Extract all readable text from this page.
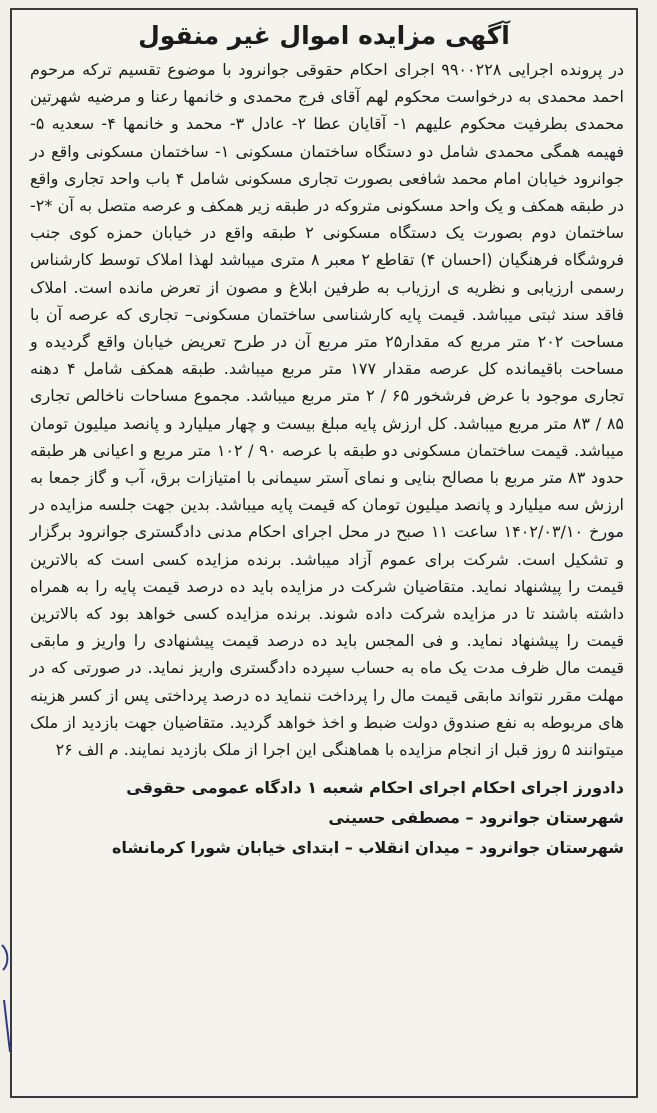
آگهی مزایده اموال غیر منقول

در پرونده اجرایی ۹۹۰۰۲۲۸ اجرای احکام حقوقی جوانرود با موضوع تقسیم ترکه مرحوم احمد محمدی به درخواست محکوم لهم آقای فرج محمدی و خانمها رعنا و مرضیه شهرتین محمدی بطرفیت محکوم علیهم ۱- آقایان عطا ۲- عادل ۳- محمد و خانمها ۴- سعدیه ۵- فهیمه همگی محمدی شامل دو دستگاه ساختمان مسکونی ۱- ساختمان مسکونی واقع در جوانرود خیابان امام محمد شافعی بصورت تجاری مسکونی شامل ۴ باب واحد تجاری واقع در طبقه همکف و یک واحد مسکونی متروکه در طبقه زیر همکف و عرصه متصل به آن *۲- ساختمان دوم بصورت یک دستگاه مسکونی ۲ طبقه واقع در خیابان حمزه کوی جنب فروشگاه فرهنگیان (احسان ۴) تقاطع ۲ معبر ۸ متری میباشد لهذا املاک توسط کارشناس رسمی ارزیابی و نظریه ی ارزیاب به طرفین ابلاغ و مصون از تعرض مانده است. املاک فاقد سند ثبتی میباشد. قیمت پایه کارشناسی ساختمان مسکونی– تجاری که عرصه آن با مساحت ۲۰۲ متر مربع که مقدار۲۵ متر مربع آن در طرح تعریض خیابان واقع گردیده و مساحت باقیمانده کل عرصه مقدار ۱۷۷ متر مربع میباشد. طبقه همکف شامل ۴ دهنه تجاری موجود با عرض فرشخور ۶۵ / ۲ متر مربع میباشد. مجموع مساحات ناخالص تجاری ۸۵ / ۸۳ متر مربع میباشد. کل ارزش پایه مبلغ بیست و چهار میلیارد و پانصد میلیون تومان میباشد. قیمت ساختمان مسکونی دو طبقه با عرصه ۹۰ / ۱۰۲ متر مربع و اعیانی هر طبقه حدود ۸۳ متر مربع با مصالح بنایی و نمای آستر سیمانی با امتیازات برق، آب و گاز جمعا به ارزش سه میلیارد و پانصد میلیون تومان که قیمت پایه میباشد. بدین جهت جلسه مزایده در مورخ ۱۴۰۲/۰۳/۱۰ ساعت ۱۱ صبح در محل اجرای احکام مدنی دادگستری جوانرود برگزار و تشکیل است. شرکت برای عموم آزاد میباشد. برنده مزایده کسی است که بالاترین قیمت را پیشنهاد نماید. متقاضیان شرکت در مزایده باید ده درصد قیمت پایه را به همراه داشته باشند تا در مزایده شرکت داده شوند. برنده مزایده کسی خواهد بود که بالاترین قیمت را پیشنهاد نماید. و فی المجس باید ده درصد قیمت پیشنهادی را واریز و مابقی قیمت مال ظرف مدت یک ماه به حساب سپرده دادگستری واریز نماید. در صورتی که در مهلت مقرر نتواند مابقی قیمت مال را پرداخت ننماید ده درصد پرداختی پس از کسر هزینه های مربوطه به نفع صندوق دولت ضبط و اخذ خواهد گردید. متقاضیان جهت بازدید از ملک میتوانند ۵ روز قبل از انجام مزایده با هماهنگی این اجرا از ملک بازدید نمایند. م الف ۲۶

دادورز اجرای احکام اجرای احکام شعبه ۱ دادگاه عمومی حقوقی
شهرستان جوانرود – مصطفی حسینی
شهرستان جوانرود – میدان انقلاب – ابتدای خیابان شورا کرمانشاه
